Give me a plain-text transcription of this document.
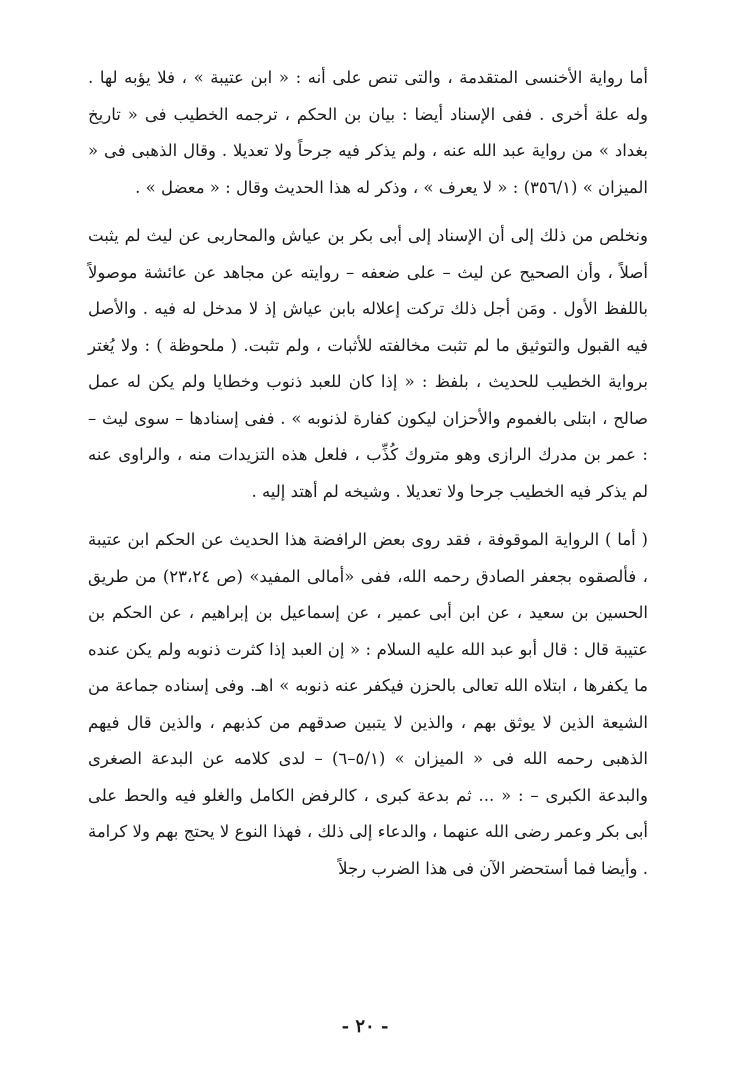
أما رواية الأخنسى المتقدمة ، والتى تنص على أنه : « ابن عتيبة » ، فلا يؤبه لها . وله علة أخرى . ففى الإسناد أيضا : بيان بن الحكم ، ترجمه الخطيب فى « تاريخ بغداد » من رواية عبد الله عنه ، ولم يذكر فيه جرحاً ولا تعديلا . وقال الذهبى فى « الميزان » (٣٥٦/١) : « لا يعرف » ، وذكر له هذا الحديث وقال : « معضل » .

ونخلص من ذلك إلى أن الإسناد إلى أبى بكر بن عياش والمحاربى عن ليث لم يثبت أصلاً ، وأن الصحيح عن ليث – على ضعفه – روايته عن مجاهد عن عائشة موصولاً باللفظ الأول . ومَن أجل ذلك تركت إعلاله بابن عياش إذ لا مدخل له فيه . والأصل فيه القبول والتوثيق ما لم تثبت مخالفته للأثبات ، ولم تثبت. ( ملحوظة ) : ولا يُغتر برواية الخطيب للحديث ، بلفظ : « إذا كان للعبد ذنوب وخطايا ولم يكن له عمل صالح ، ابتلى بالغموم والأحزان ليكون كفارة لذنوبه » . ففى إسنادها – سوى ليث – : عمر بن مدرك الرازى وهو متروك كُذِّب ، فلعل هذه التزيدات منه ، والراوى عنه لم يذكر فيه الخطيب جرحا ولا تعديلا . وشيخه لم أهتد إليه .

( أما ) الرواية الموقوفة ، فقد روى بعض الرافضة هذا الحديث عن الحكم ابن عتيبة ، فألصقوه بجعفر الصادق رحمه الله، ففى «أمالى المفيد» (ص ٢٣،٢٤) من طريق الحسين بن سعيد ، عن ابن أبى عمير ، عن إسماعيل بن إبراهيم ، عن الحكم بن عتيبة قال : قال أبو عبد الله عليه السلام : « إن العبد إذا كثرت ذنوبه ولم يكن عنده ما يكفرها ، ابتلاه الله تعالى بالحزن فيكفر عنه ذنوبه » اهـ. وفى إسناده جماعة من الشيعة الذين لا يوثق بهم ، والذين لا يتبين صدقهم من كذبهم ، والذين قال فيهم الذهبى رحمه الله فى « الميزان » (٥/١–٦) – لدى كلامه عن البدعة الصغرى والبدعة الكبرى – : « ... ثم بدعة كبرى ، كالرفض الكامل والغلو فيه والحط على أبى بكر وعمر رضى الله عنهما ، والدعاء إلى ذلك ، فهذا النوع لا يحتج بهم ولا كرامة . وأيضا فما أستحضر الآن فى هذا الضرب رجلاً

- ٢٠ -
